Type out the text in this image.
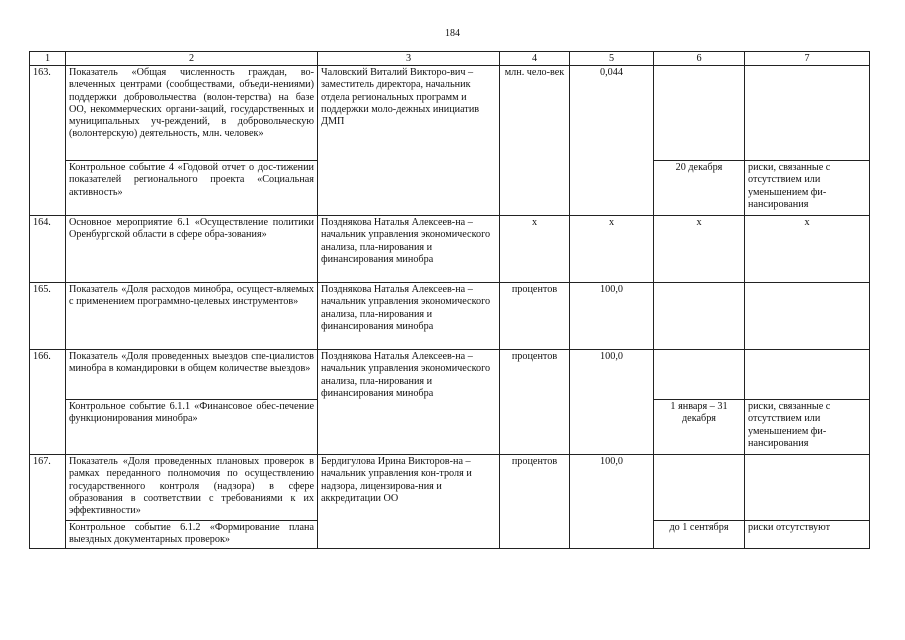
184
1	2	3	4	5	6	7
163.	Показатель «Общая численность граждан, во-влеченных центрами (сообществами, объеди-нениями) поддержки добровольчества (волон-терства) на базе ОО, некоммерческих органи-заций, государственных и муниципальных уч-реждений, в добровольческую (волонтерскую) деятельность, млн. человек»	Чаловский Виталий Викторо-вич – заместитель директора, начальник отдела региональных программ и поддержки моло-дежных инициатив ДМП	млн. чело-век	0,044		
	Контрольное событие 4 «Годовой отчет о дос-тижении показателей регионального проекта «Социальная активность»				20 декабря	риски, связанные с отсутствием или уменьшением фи-нансирования
164.	Основное мероприятие 6.1 «Осуществление политики Оренбургской области в сфере обра-зования»	Позднякова Наталья Алексеев-на – начальник управления экономического анализа, пла-нирования и финансирования минобра	x	x	x	x
165.	Показатель «Доля расходов минобра, осущест-вляемых с применением программно-целевых инструментов»	Позднякова Наталья Алексеев-на – начальник управления экономического анализа, пла-нирования и финансирования минобра	процентов	100,0		
166.	Показатель «Доля проведенных выездов спе-циалистов минобра в командировки в общем количестве выездов»	Позднякова Наталья Алексеев-на – начальник управления экономического анализа, пла-нирования и финансирования минобра	процентов	100,0		
	Контрольное событие 6.1.1 «Финансовое обес-печение функционирования минобра»				1 января – 31 декабря	риски, связанные с отсутствием или уменьшением фи-нансирования
167.	Показатель «Доля проведенных плановых проверок в рамках переданного полномочия по осуществлению государственного контроля (надзора) в сфере образования в соответствии с требованиями к их эффективности»	Бердигулова Ирина Викторов-на – начальник управления кон-троля и надзора, лицензирова-ния и аккредитации ОО	процентов	100,0		
	Контрольное событие 6.1.2 «Формирование плана выездных документарных проверок»				до 1 сентября	риски отсутствуют
